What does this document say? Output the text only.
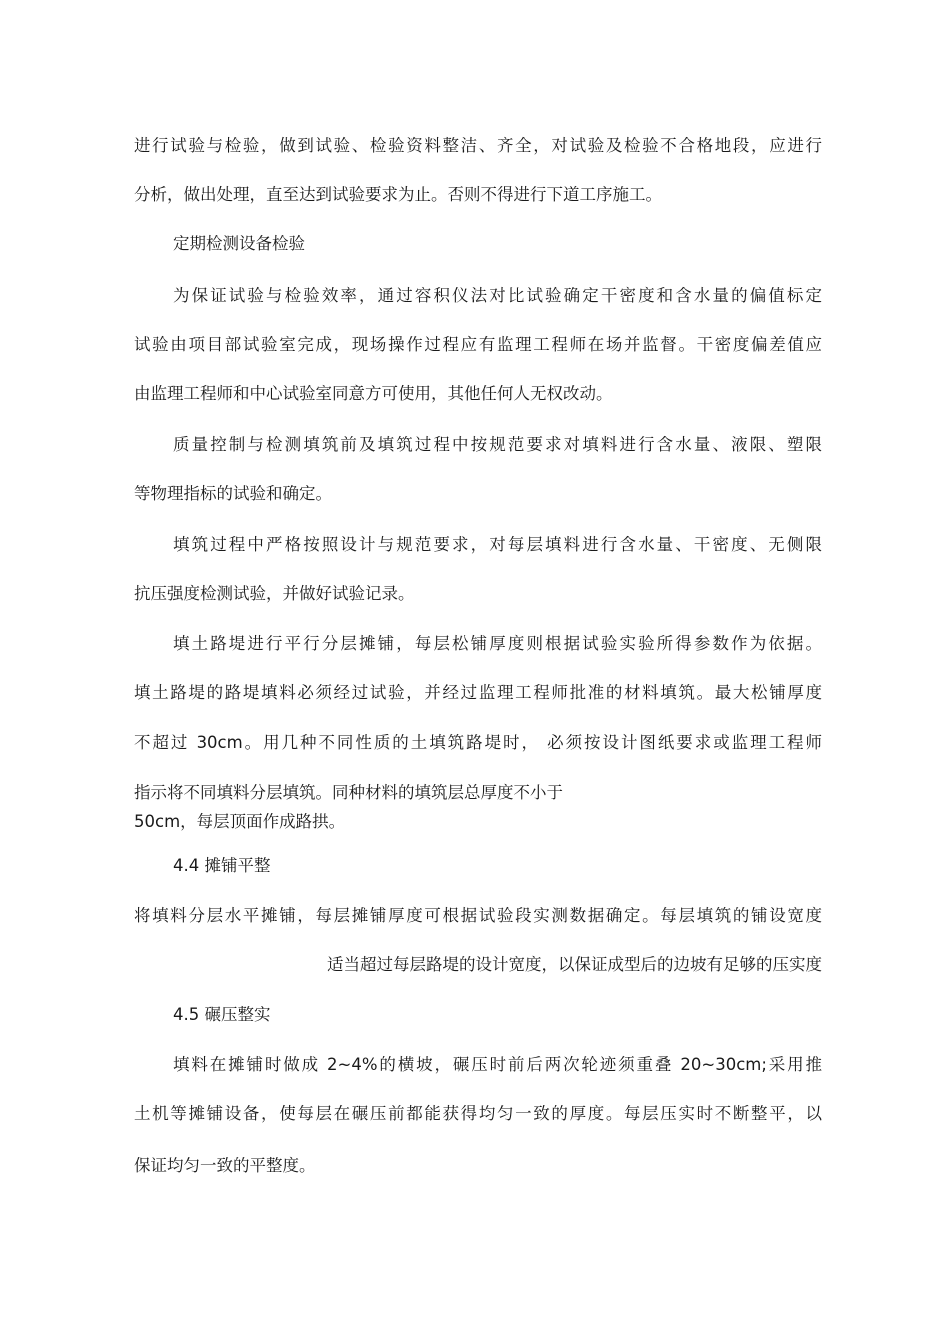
进行试验与检验，做到试验、检验资料整洁、齐全，对试验及检验不合格地段，应进行
分析，做出处理，直至达到试验要求为止。否则不得进行下道工序施工。
定期检测设备检验
为保证试验与检验效率，通过容积仪法对比试验确定干密度和含水量的偏值标定
试验由项目部试验室完成，现场操作过程应有监理工程师在场并监督。干密度偏差值应
由监理工程师和中心试验室同意方可使用，其他任何人无权改动。
质量控制与检测填筑前及填筑过程中按规范要求对填料进行含水量、液限、塑限
等物理指标的试验和确定。
填筑过程中严格按照设计与规范要求，对每层填料进行含水量、干密度、无侧限
抗压强度检测试验，并做好试验记录。
填土路堤进行平行分层摊铺，每层松铺厚度则根据试验实验所得参数作为依据。
填土路堤的路堤填料必须经过试验，并经过监理工程师批准的材料填筑。最大松铺厚度
不超过 30cm。用几种不同性质的土填筑路堤时， 必须按设计图纸要求或监理工程师
指示将不同填料分层填筑。同种材料的填筑层总厚度不小于
50cm，每层顶面作成路拱。
4.4 摊铺平整
将填料分层水平摊铺，每层摊铺厚度可根据试验段实测数据确定。每层填筑的铺设宽度
适当超过每层路堤的设计宽度，以保证成型后的边坡有足够的压实度
4.5 碾压整实
填料在摊铺时做成 2~4%的横坡，碾压时前后两次轮迹须重叠 20~30cm;采用推
土机等摊铺设备，使每层在碾压前都能获得均匀一致的厚度。每层压实时不断整平，以
保证均匀一致的平整度。
